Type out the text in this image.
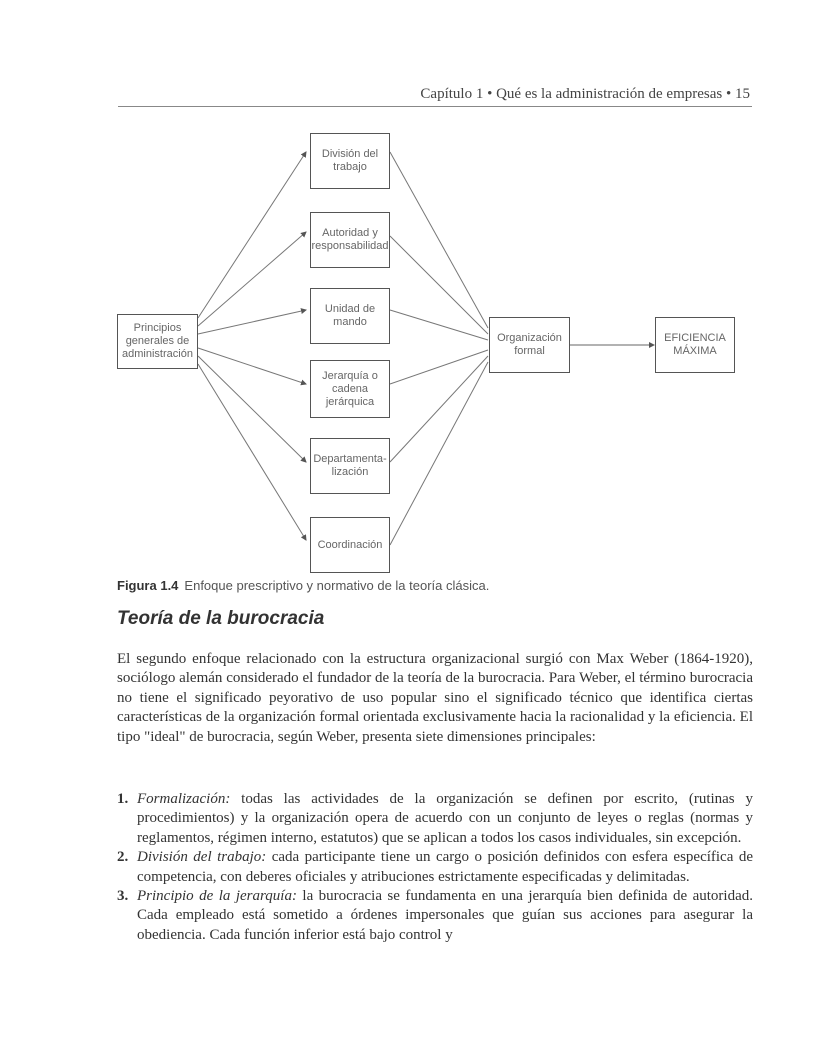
Capítulo 1 • Qué es la administración de empresas • 15
Principios generales de administración
División del trabajo
Autoridad y responsabilidad
Unidad de mando
Jerarquía o cadena jerárquica
Departamenta-lización
Coordinación
Organización formal
EFICIENCIA MÁXIMA
Figura 1.4 Enfoque prescriptivo y normativo de la teoría clásica.
Teoría de la burocracia
El segundo enfoque relacionado con la estructura organizacional surgió con Max Weber (1864-1920), sociólogo alemán considerado el fundador de la teoría de la burocracia. Para Weber, el término burocracia no tiene el significado peyorativo de uso popular sino el significado técnico que identifica ciertas características de la organización formal orientada exclusivamente hacia la racionalidad y la eficiencia. El tipo "ideal" de burocracia, según Weber, presenta siete dimensiones principales:
1. Formalización: todas las actividades de la organización se definen por escrito, (rutinas y procedimientos) y la organización opera de acuerdo con un conjunto de leyes o reglas (normas y reglamentos, régimen interno, estatutos) que se aplican a todos los casos individuales, sin excepción.
2. División del trabajo: cada participante tiene un cargo o posición definidos con esfera específica de competencia, con deberes oficiales y atribuciones estrictamente especificadas y delimitadas.
3. Principio de la jerarquía: la burocracia se fundamenta en una jerarquía bien definida de autoridad. Cada empleado está sometido a órdenes impersonales que guían sus acciones para asegurar la obediencia. Cada función inferior está bajo control y
